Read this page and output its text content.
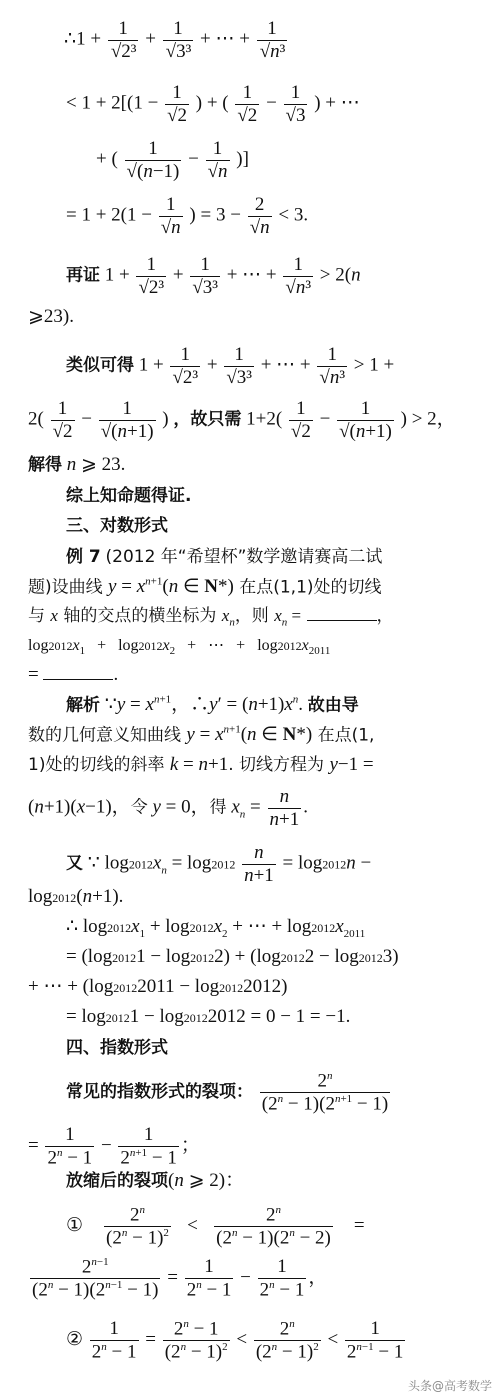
∴1 + $\frac{1}{\text{√2³}} + \frac{1}{\text{√3³}}$ + ⋯ + $\frac{1}{\text{√n³}}$
< $1 + 2[(1 - \frac{1}{√2}$ ) + ( $\frac{1}{√2} - \frac{1}{√3}$ ) + ⋯
+ ( $\frac{1}{√(n-1)} - \frac{1}{√n}$ )]
= $1 + 2(1 - \frac{1}{√n}$ ) = $3 - \frac{2}{√n} < 3$.
再证 $1 + \frac{1}{\text{√2³}} + \frac{1}{\text{√3³}}$ + ⋯ + $\frac{1}{\text{√n³}} > 2(n$
⩾23).
类似可得 $1 + \frac{1}{\text{√2³}} + \frac{1}{\text{√3³}}$ + ⋯ + $\frac{1}{\text{√n³}} > 1$ +
$2( \frac{1}{√2} - \frac{1}{√(n+1)}$ ) ，故只需 $1+2( \frac{1}{√2} - \frac{1}{√(n+1)}$ ) > 2，
解得 n ⩾ 23.
综上知命题得证.
三、对数形式
例 7 (2012 年“希望杯”数学邀请赛高二试
题)设曲线 $y = x^{n+1}(n$ ∈ N*) 在点(1,1)处的切线
与 x 轴的交点的横坐标为 $x_n$，则 $x_n$ =	，
$\log 2012x_1 + \log 2012x_2$   +   ⋯   +   $\log 2012x_{2011}$
=	.
解析 ∵y = $x^{n+1}$，∴y′ = $(n+1)x^n$. 故由导
数的几何意义知曲线 $y = x^{n+1}(n$ ∈ N*) 在点(1,
1)处的切线的斜率 k = n+1. 切线方程为 y−1 =
(n+1)(x−1)，令 y = 0，得 $x_n = \frac{n}{n+1}$ .
又 ∵ $\log 2012x_n = \log 2012 \frac{n}{n+1} = \log 2012n$ −
log2012(n+1).
∴ $\log 2012x_1 + \log 2012x_2$ + ⋯ + $\log 2012x_{2011}$
= (log20121 − log20122) + (log20122 − log20123)
+ ⋯ + (log20122011 − log20122012)
= log20121 − log20122012 = 0 − 1 = −1.
四、指数形式
常见的指数形式的裂项： $\frac{2^n}{(2^n - 1)(2^{n+1} - 1)}$
= $\frac{1}{2^n - 1} - \frac{1}{2^{n+1} - 1}$ ；
放缩后的裂项(n ⩾ 2)：
① $\frac{2^n}{(2^n - 1)^2} < \frac{2^n}{(2^n - 1)(2^n - 2)}$ =
$\frac{2^{n-1}}{(2^n - 1)(2^{n-1} - 1)} = \frac{1}{2^n - 1} - \frac{1}{2^n - 1}$ ，
② $\frac{1}{2^n - 1} = \frac{2^n - 1}{(2^n - 1)^2} < \frac{2^n}{(2^n - 1)^2} < \frac{1}{2^{n-1} - 1}$
头条@高考数学
